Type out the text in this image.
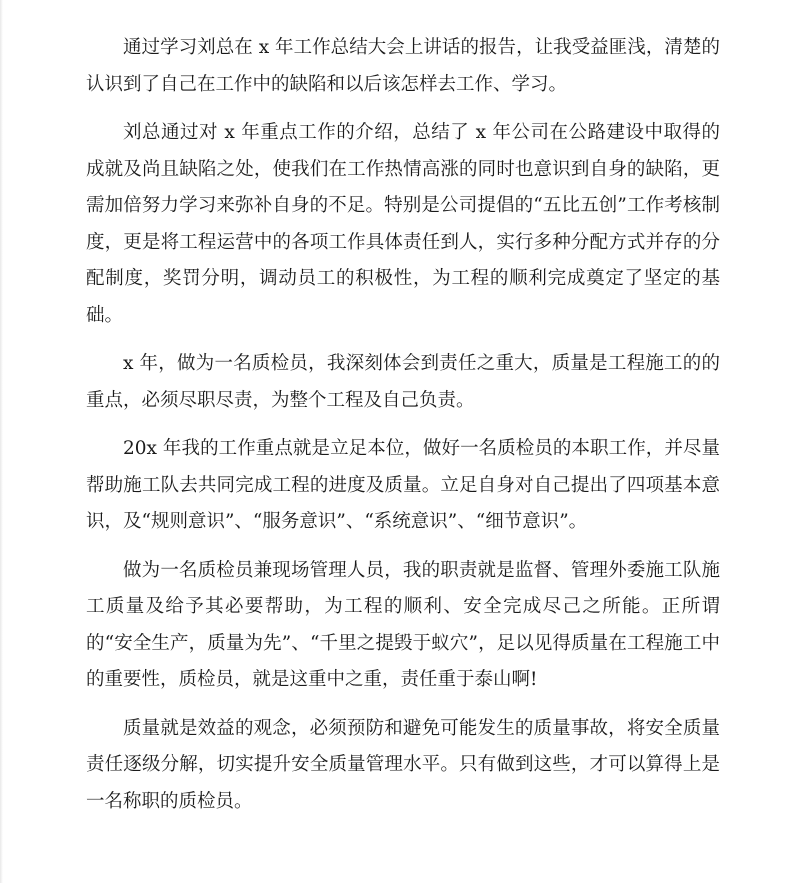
通过学习刘总在 x 年工作总结大会上讲话的报告，让我受益匪浅，清楚的认识到了自己在工作中的缺陷和以后该怎样去工作、学习。

刘总通过对 x 年重点工作的介绍，总结了 x 年公司在公路建设中取得的成就及尚且缺陷之处，使我们在工作热情高涨的同时也意识到自身的缺陷，更需加倍努力学习来弥补自身的不足。特别是公司提倡的“五比五创”工作考核制度，更是将工程运营中的各项工作具体责任到人，实行多种分配方式并存的分配制度，奖罚分明，调动员工的积极性，为工程的顺利完成奠定了坚定的基础。

x 年，做为一名质检员，我深刻体会到责任之重大，质量是工程施工的的重点，必须尽职尽责，为整个工程及自己负责。

20x 年我的工作重点就是立足本位，做好一名质检员的本职工作，并尽量帮助施工队去共同完成工程的进度及质量。立足自身对自己提出了四项基本意识，及“规则意识”、“服务意识”、“系统意识”、“细节意识”。

做为一名质检员兼现场管理人员，我的职责就是监督、管理外委施工队施工质量及给予其必要帮助，为工程的顺利、安全完成尽己之所能。正所谓的“安全生产，质量为先”、“千里之提毁于蚁穴”，足以见得质量在工程施工中的重要性，质检员，就是这重中之重，责任重于泰山啊!

质量就是效益的观念，必须预防和避免可能发生的质量事故，将安全质量责任逐级分解，切实提升安全质量管理水平。只有做到这些，才可以算得上是一名称职的质检员。
